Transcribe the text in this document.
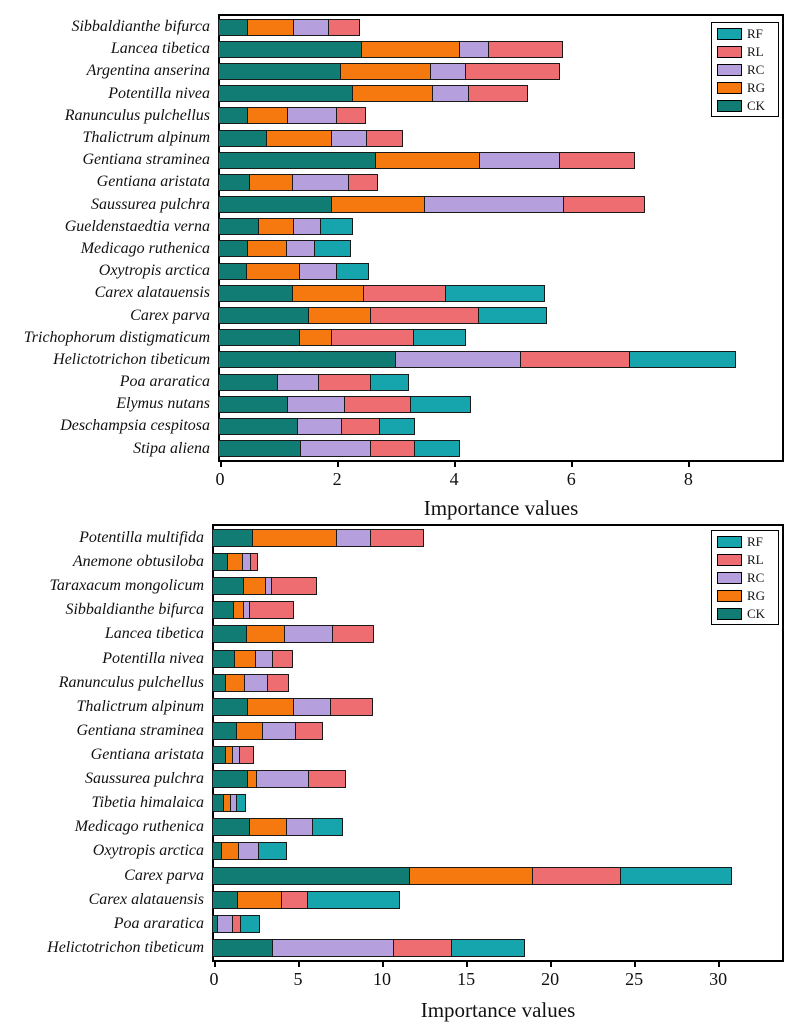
Sibbaldianthe bifurca
Lancea tibetica
Argentina anserina
Potentilla nivea
Ranunculus pulchellus
Thalictrum alpinum
Gentiana straminea
Gentiana aristata
Saussurea pulchra
Gueldenstaedtia verna
Medicago ruthenica
Oxytropis arctica
Carex alatauensis
Carex parva
Trichophorum distigmaticum
Helictotrichon tibeticum
Poa araratica
Elymus nutans
Deschampsia cespitosa
Stipa aliena
0	2	4	6	8
Importance values
RF
RL
RC
RG
CK
Potentilla multifida
Anemone obtusiloba
Taraxacum mongolicum
Sibbaldianthe bifurca
Lancea tibetica
Potentilla nivea
Ranunculus pulchellus
Thalictrum alpinum
Gentiana straminea
Gentiana aristata
Saussurea pulchra
Tibetia himalaica
Medicago ruthenica
Oxytropis arctica
Carex parva
Carex alatauensis
Poa araratica
Helictotrichon tibeticum
0	5	10	15	20	25	30
Importance values
RF
RL
RC
RG
CK
